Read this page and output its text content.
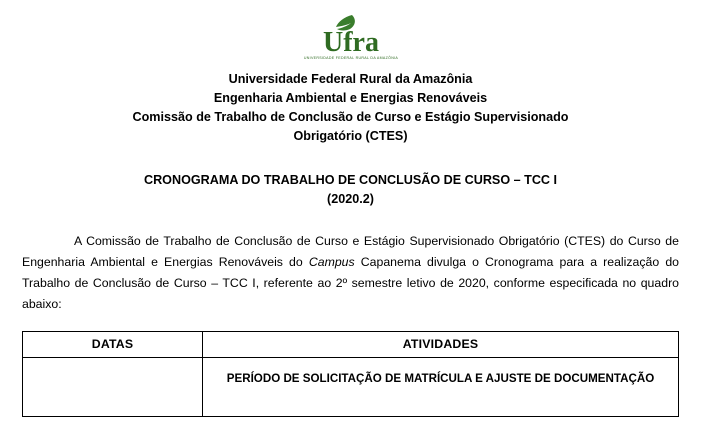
Ufra
UNIVERSIDADE FEDERAL RURAL DA AMAZÔNIA
Universidade Federal Rural da Amazônia
Engenharia Ambiental e Energias Renováveis
Comissão de Trabalho de Conclusão de Curso e Estágio Supervisionado
Obrigatório (CTES)
CRONOGRAMA DO TRABALHO DE CONCLUSÃO DE CURSO – TCC I
(2020.2)

A Comissão de Trabalho de Conclusão de Curso e Estágio Supervisionado Obrigatório (CTES) do Curso de Engenharia Ambiental e Energias Renováveis do Campus Capanema divulga o Cronograma para a realização do Trabalho de Conclusão de Curso – TCC I, referente ao 2º semestre letivo de 2020, conforme especificada no quadro abaixo:

DATAS	ATIVIDADES
	PERÍODO DE SOLICITAÇÃO DE MATRÍCULA E AJUSTE DE DOCUMENTAÇÃO
